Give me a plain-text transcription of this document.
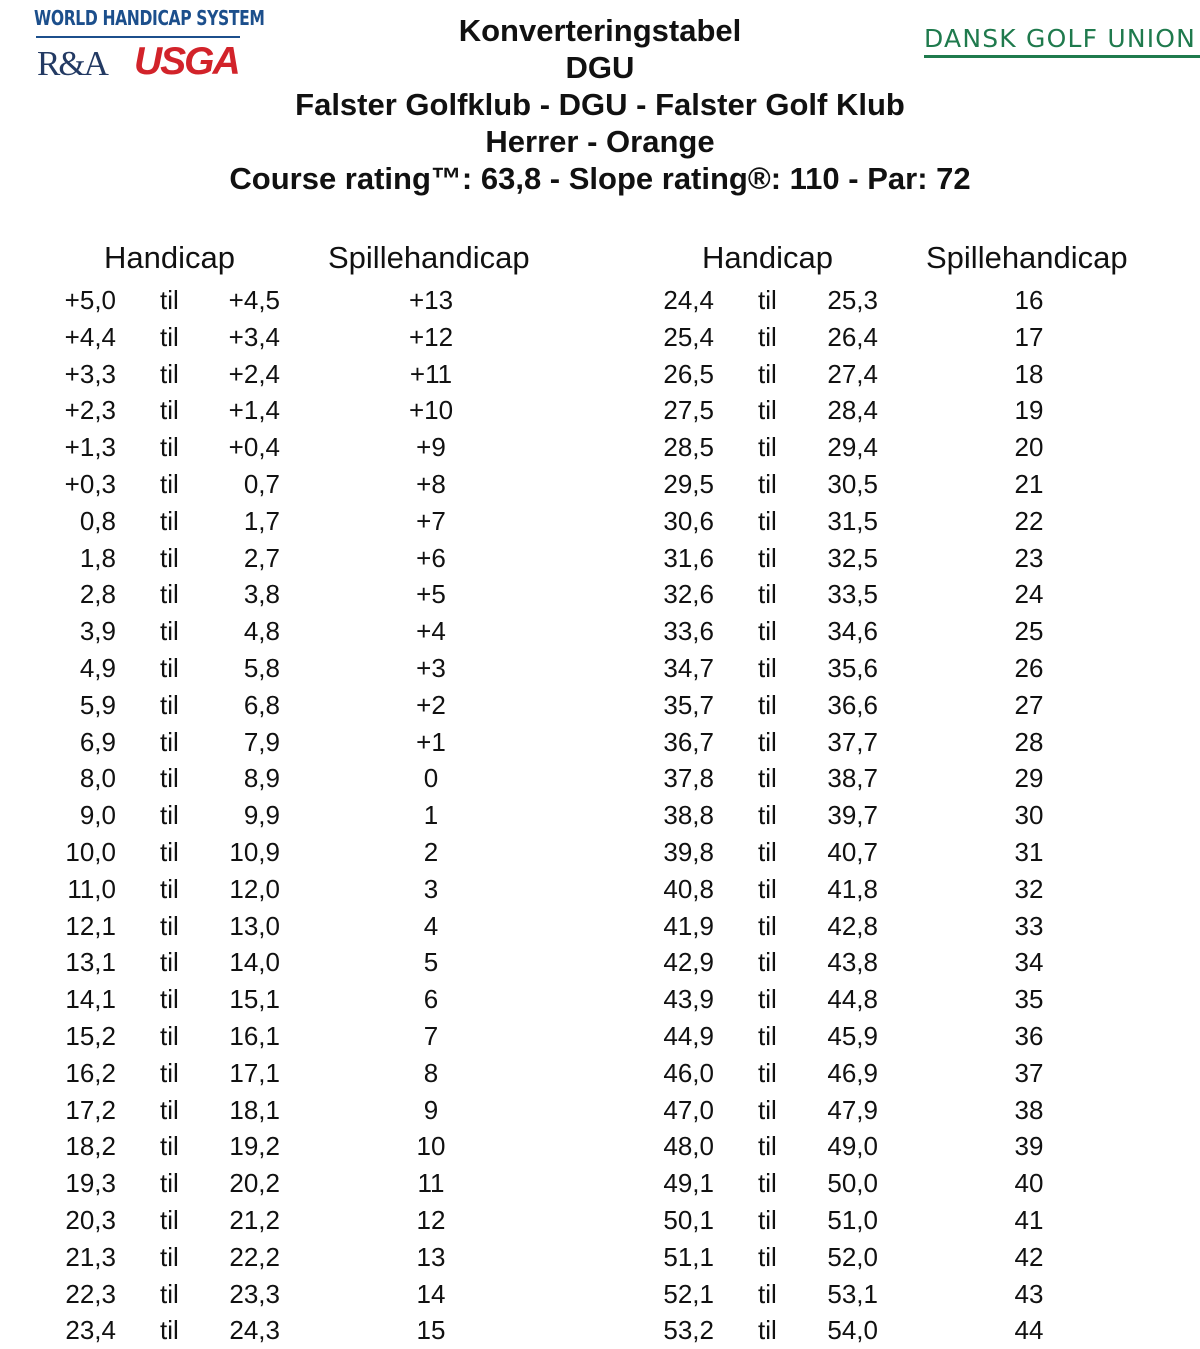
WORLD HANDICAP SYSTEM
R&A USGA
DANSK GOLF UNION
Konverteringstabel
DGU
Falster Golfklub - DGU - Falster Golf Klub
Herrer - Orange
Course rating™: 63,8 - Slope rating®: 110 - Par: 72
Handicap	Spillehandicap
+5,0 til +4,5	+13
+4,4 til +3,4	+12
+3,3 til +2,4	+11
+2,3 til +1,4	+10
+1,3 til +0,4	+9
+0,3 til	0,7	+8
0,8 til	1,7	+7
1,8 til	2,7	+6
2,8 til	3,8	+5
3,9 til	4,8	+4
4,9 til	5,8	+3
5,9 til	6,8	+2
6,9 til	7,9	+1
8,0 til	8,9	0
9,0 til	9,9	1
10,0 til 10,9	2
11,0 til 12,0	3
12,1 til 13,0	4
13,1 til 14,0	5
14,1 til 15,1	6
15,2 til 16,1	7
16,2 til 17,1	8
17,2 til 18,1	9
18,2 til 19,2	10
19,3 til 20,2	11
20,3 til 21,2	12
21,3 til 22,2	13
22,3 til 23,3	14
23,4 til 24,3	15
Handicap	Spillehandicap
24,4 til 25,3	16
25,4 til 26,4	17
26,5 til 27,4	18
27,5 til 28,4	19
28,5 til 29,4	20
29,5 til 30,5	21
30,6 til 31,5	22
31,6 til 32,5	23
32,6 til 33,5	24
33,6 til 34,6	25
34,7 til 35,6	26
35,7 til 36,6	27
36,7 til 37,7	28
37,8 til 38,7	29
38,8 til 39,7	30
39,8 til 40,7	31
40,8 til 41,8	32
41,9 til 42,8	33
42,9 til 43,8	34
43,9 til 44,8	35
44,9 til 45,9	36
46,0 til 46,9	37
47,0 til 47,9	38
48,0 til 49,0	39
49,1 til 50,0	40
50,1 til 51,0	41
51,1 til 52,0	42
52,1 til 53,1	43
53,2 til 54,0	44
